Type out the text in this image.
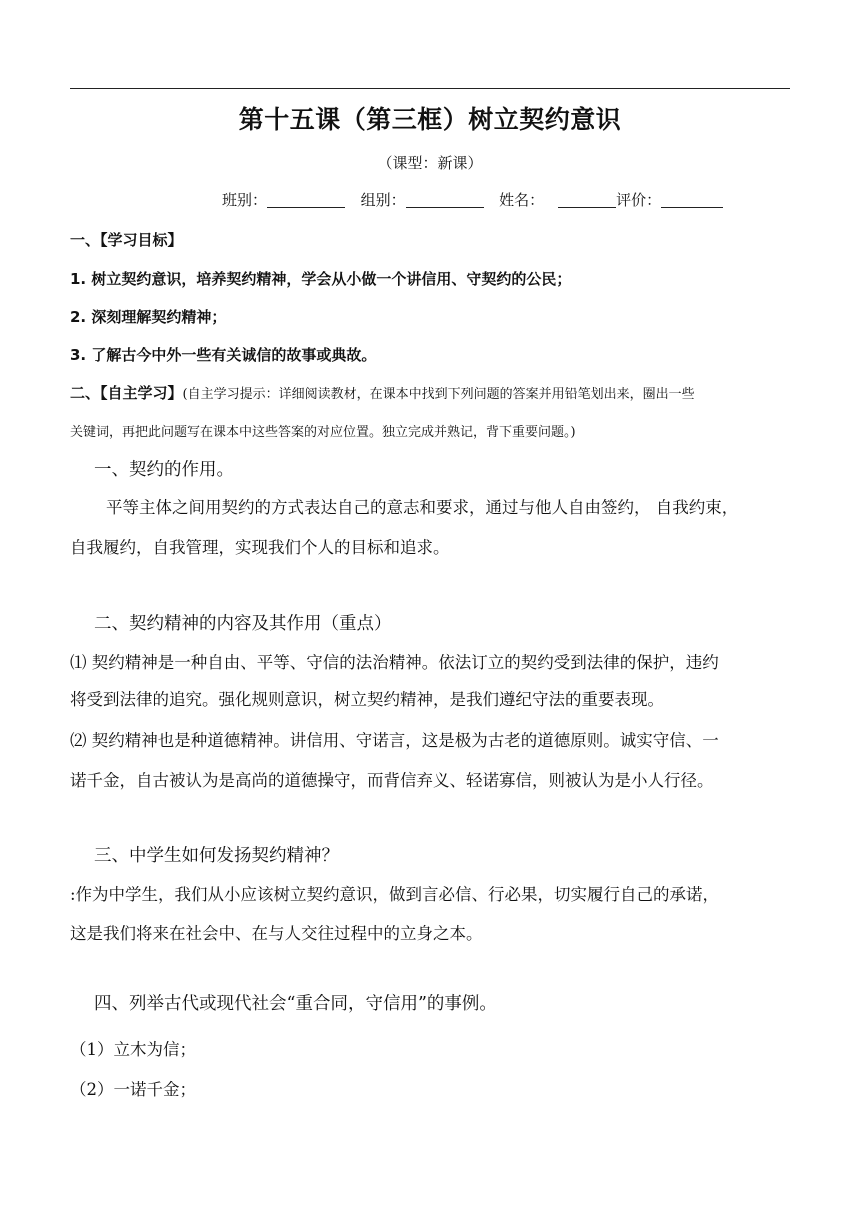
第十五课（第三框）树立契约意识
（课型：新课）
班别：	组别：	姓名：	评价：
一、【学习目标】
1. 树立契约意识，培养契约精神，学会从小做一个讲信用、守契约的公民；
2. 深刻理解契约精神；
3. 了解古今中外一些有关诚信的故事或典故。
二、【自主学习】(自主学习提示：详细阅读教材，在课本中找到下列问题的答案并用铅笔划出来，圈出一些
关键词，再把此问题写在课本中这些答案的对应位置。独立完成并熟记，背下重要问题。)
一、契约的作用。
平等主体之间用契约的方式表达自己的意志和要求，通过与他人自由签约， 自我约束，
自我履约，自我管理，实现我们个人的目标和追求。
二、契约精神的内容及其作用（重点）
⑴ 契约精神是一种自由、平等、守信的法治精神。依法订立的契约受到法律的保护，违约
将受到法律的追究。强化规则意识，树立契约精神，是我们遵纪守法的重要表现。
⑵ 契约精神也是种道德精神。讲信用、守诺言，这是极为古老的道德原则。诚实守信、一
诺千金，自古被认为是高尚的道德操守，而背信弃义、轻诺寡信，则被认为是小人行径。
三、中学生如何发扬契约精神？
:作为中学生，我们从小应该树立契约意识，做到言必信、行必果，切实履行自己的承诺，
这是我们将来在社会中、在与人交往过程中的立身之本。
四、列举古代或现代社会“重合同，守信用”的事例。
（1）立木为信；
（2）一诺千金；
